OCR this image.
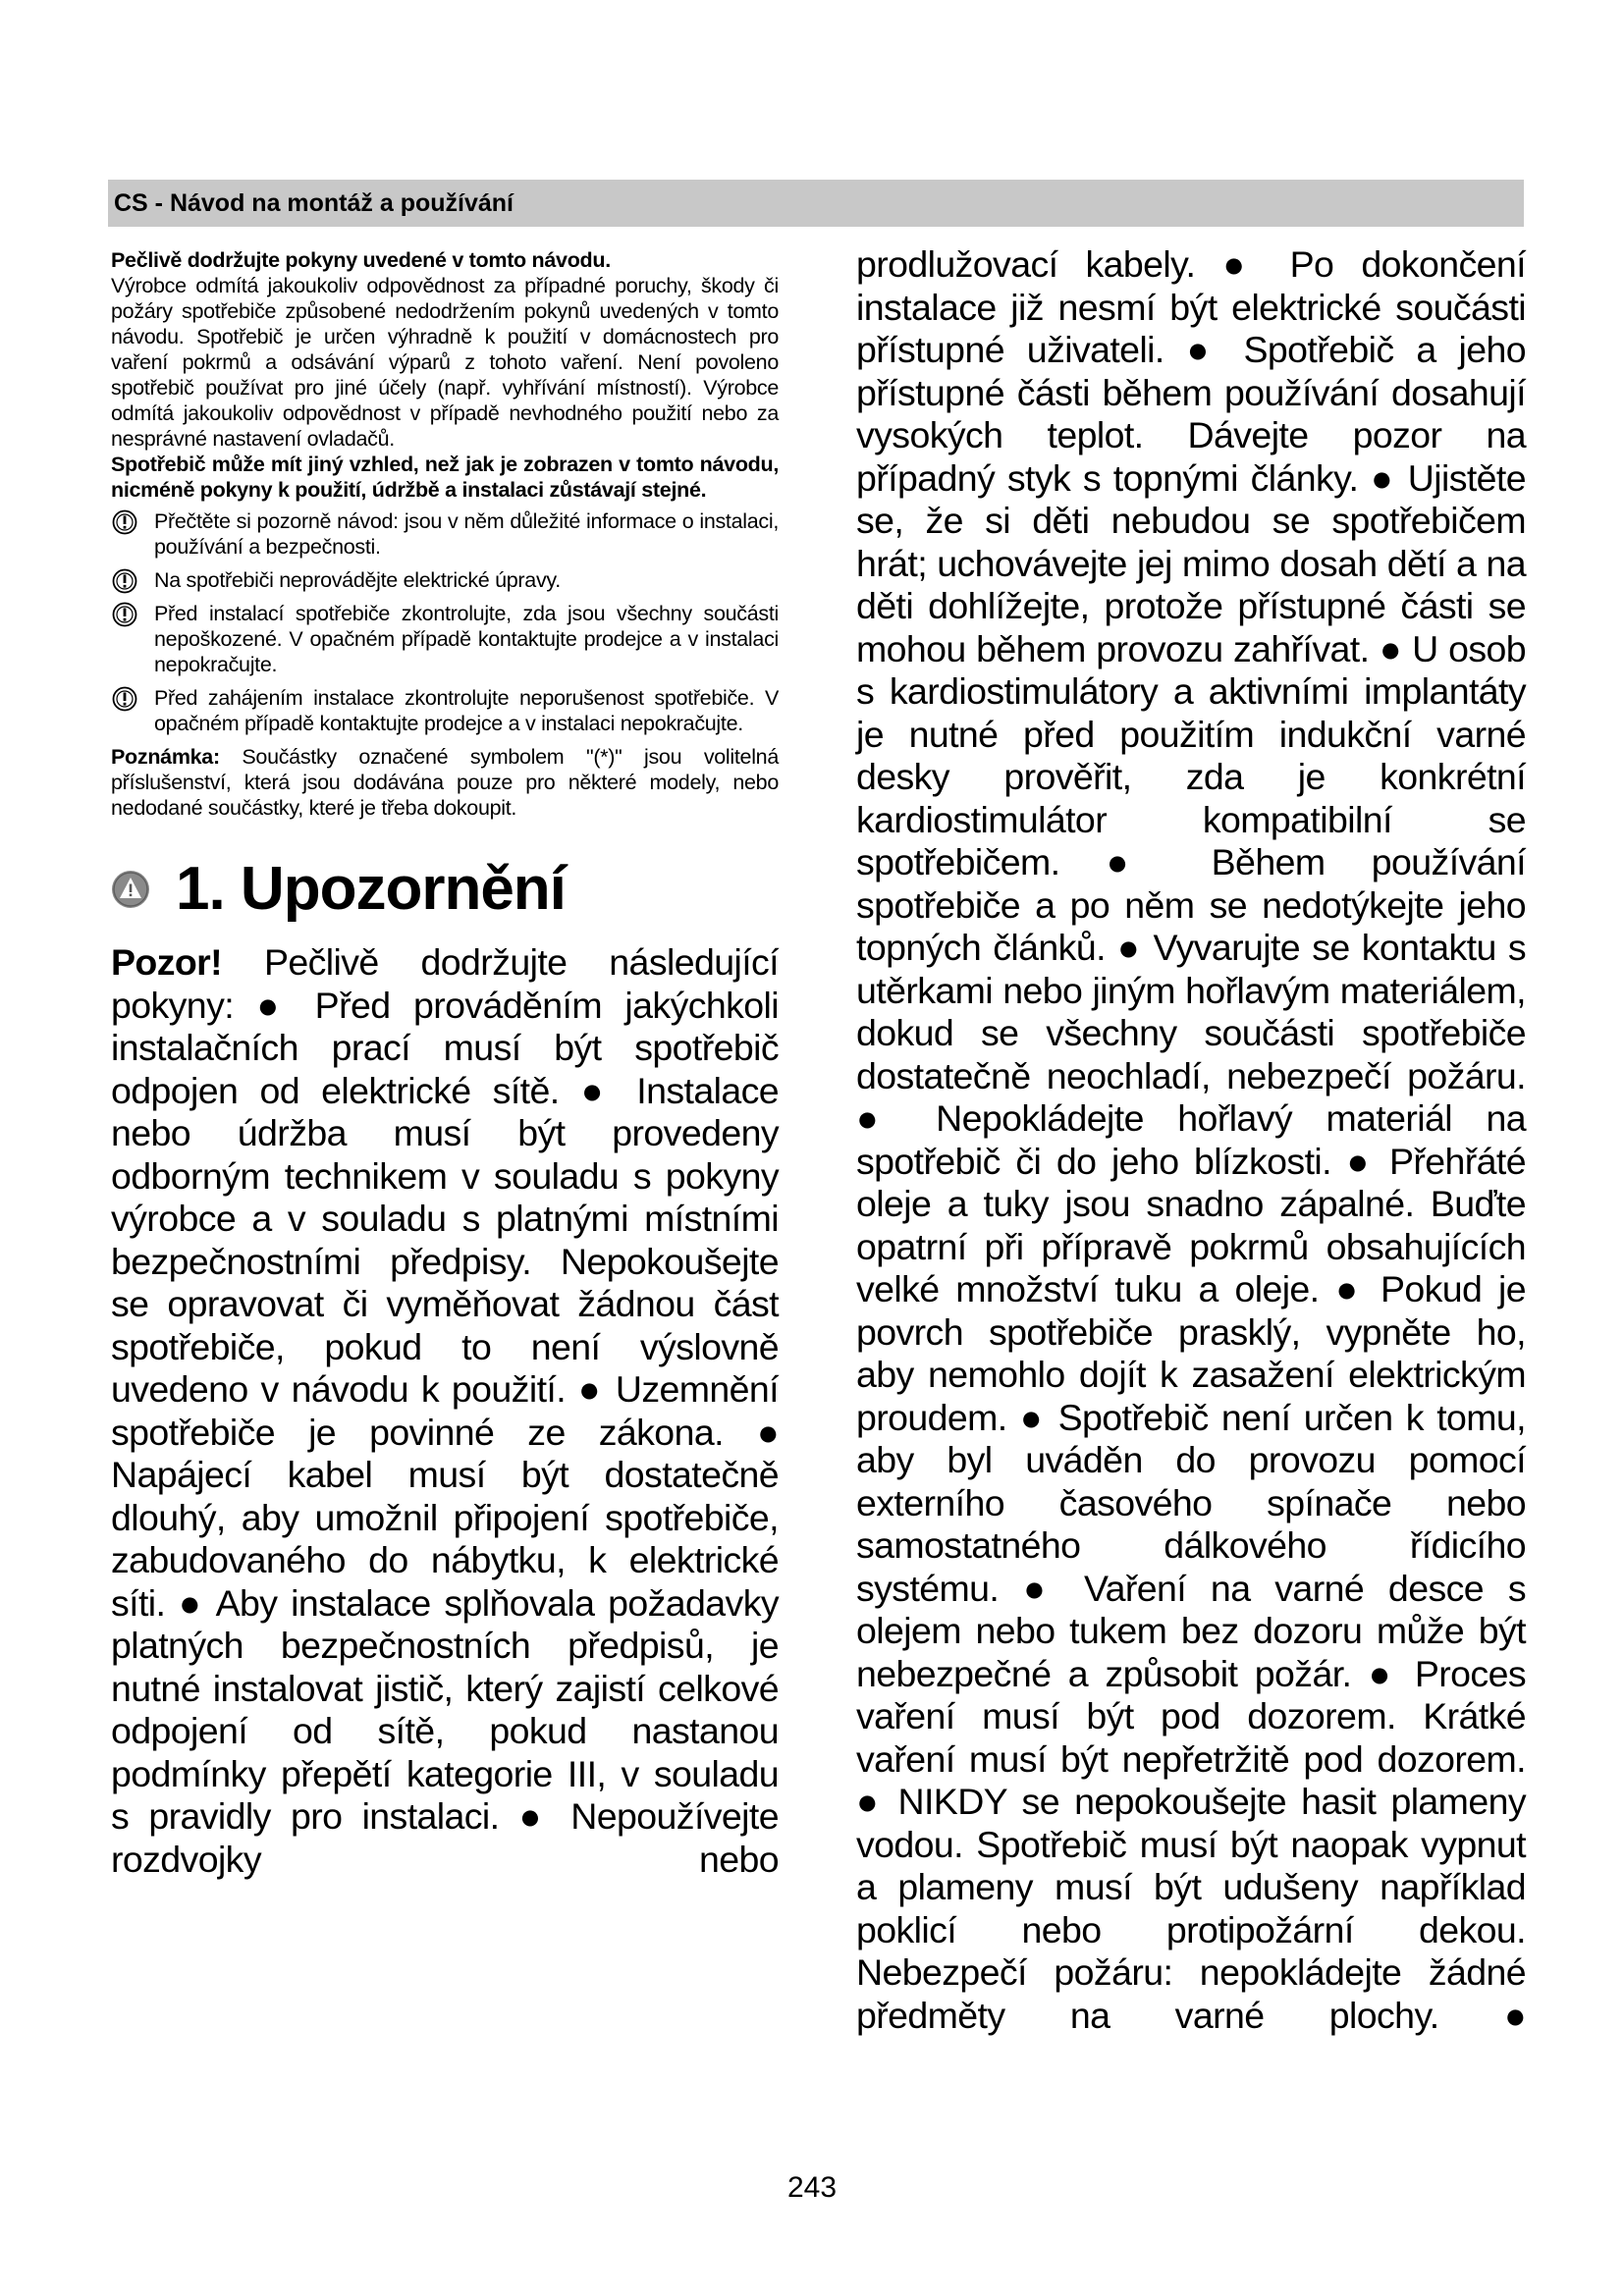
CS - Návod na montáž a používání

Pečlivě dodržujte pokyny uvedené v tomto návodu.

Výrobce odmítá jakoukoliv odpovědnost za případné poruchy, škody či požáry spotřebiče způsobené nedodržením pokynů uvedených v tomto návodu. Spotřebič je určen výhradně k použití v domácnostech pro vaření pokrmů a odsávání výparů z tohoto vaření. Není povoleno spotřebič používat pro jiné účely (např. vyhřívání místností). Výrobce odmítá jakoukoliv odpovědnost v případě nevhodného použití nebo za nesprávné nastavení ovladačů.

Spotřebič může mít jiný vzhled, než jak je zobrazen v tomto návodu, nicméně pokyny k použití, údržbě a instalaci zůstávají stejné.

Přečtěte si pozorně návod: jsou v něm důležité informace o instalaci, používání a bezpečnosti.
Na spotřebiči neprovádějte elektrické úpravy.
Před instalací spotřebiče zkontrolujte, zda jsou všechny součásti nepoškozené. V opačném případě kontaktujte prodejce a v instalaci nepokračujte.
Před zahájením instalace zkontrolujte neporušenost spotřebiče. V opačném případě kontaktujte prodejce a v instalaci nepokračujte.

Poznámka: Součástky označené symbolem "(*)" jsou volitelná příslušenství, která jsou dodávána pouze pro některé modely, nebo nedodané součástky, které je třeba dokoupit.

1. Upozornění

Pozor! Pečlivě dodržujte následující pokyny: ● Před prováděním jakýchkoli instalačních prací musí být spotřebič odpojen od elektrické sítě. ● Instalace nebo údržba musí být provedeny odborným technikem v souladu s pokyny výrobce a v souladu s platnými místními bezpečnostními předpisy. Nepokoušejte se opravovat či vyměňovat žádnou část spotřebiče, pokud to není výslovně uvedeno v návodu k použití. ● Uzemnění spotřebiče je povinné ze zákona. ● Napájecí kabel musí být dostatečně dlouhý, aby umožnil připojení spotřebiče, zabudovaného do nábytku, k elektrické síti. ● Aby instalace splňovala požadavky platných bezpečnostních předpisů, je nutné instalovat jistič, který zajistí celkové odpojení od sítě, pokud nastanou podmínky přepětí kategorie III, v souladu s pravidly pro instalaci. ● Nepoužívejte rozdvojky nebo

prodlužovací kabely. ● Po dokončení instalace již nesmí být elektrické součásti přístupné uživateli. ● Spotřebič a jeho přístupné části během používání dosahují vysokých teplot. Dávejte pozor na případný styk s topnými články. ● Ujistěte se, že si děti nebudou se spotřebičem hrát; uchovávejte jej mimo dosah dětí a na děti dohlížejte, protože přístupné části se mohou během provozu zahřívat. ● U osob s kardiostimulátory a aktivními implantáty je nutné před použitím indukční varné desky prověřit, zda je konkrétní kardiostimulátor kompatibilní se spotřebičem. ● Během používání spotřebiče a po něm se nedotýkejte jeho topných článků. ● Vyvarujte se kontaktu s utěrkami nebo jiným hořlavým materiálem, dokud se všechny součásti spotřebiče dostatečně neochladí, nebezpečí požáru. ● Nepokládejte hořlavý materiál na spotřebič či do jeho blízkosti. ● Přehřáté oleje a tuky jsou snadno zápalné. Buďte opatrní při přípravě pokrmů obsahujících velké množství tuku a oleje. ● Pokud je povrch spotřebiče prasklý, vypněte ho, aby nemohlo dojít k zasažení elektrickým proudem. ● Spotřebič není určen k tomu, aby byl uváděn do provozu pomocí externího časového spínače nebo samostatného dálkového řídicího systému. ● Vaření na varné desce s olejem nebo tukem bez dozoru může být nebezpečné a způsobit požár. ● Proces vaření musí být pod dozorem. Krátké vaření musí být nepřetržitě pod dozorem. ● NIKDY se nepokoušejte hasit plameny vodou. Spotřebič musí být naopak vypnut a plameny musí být udušeny například poklicí nebo protipožární dekou. Nebezpečí požáru: nepokládejte žádné předměty na varné plochy. ●

243
